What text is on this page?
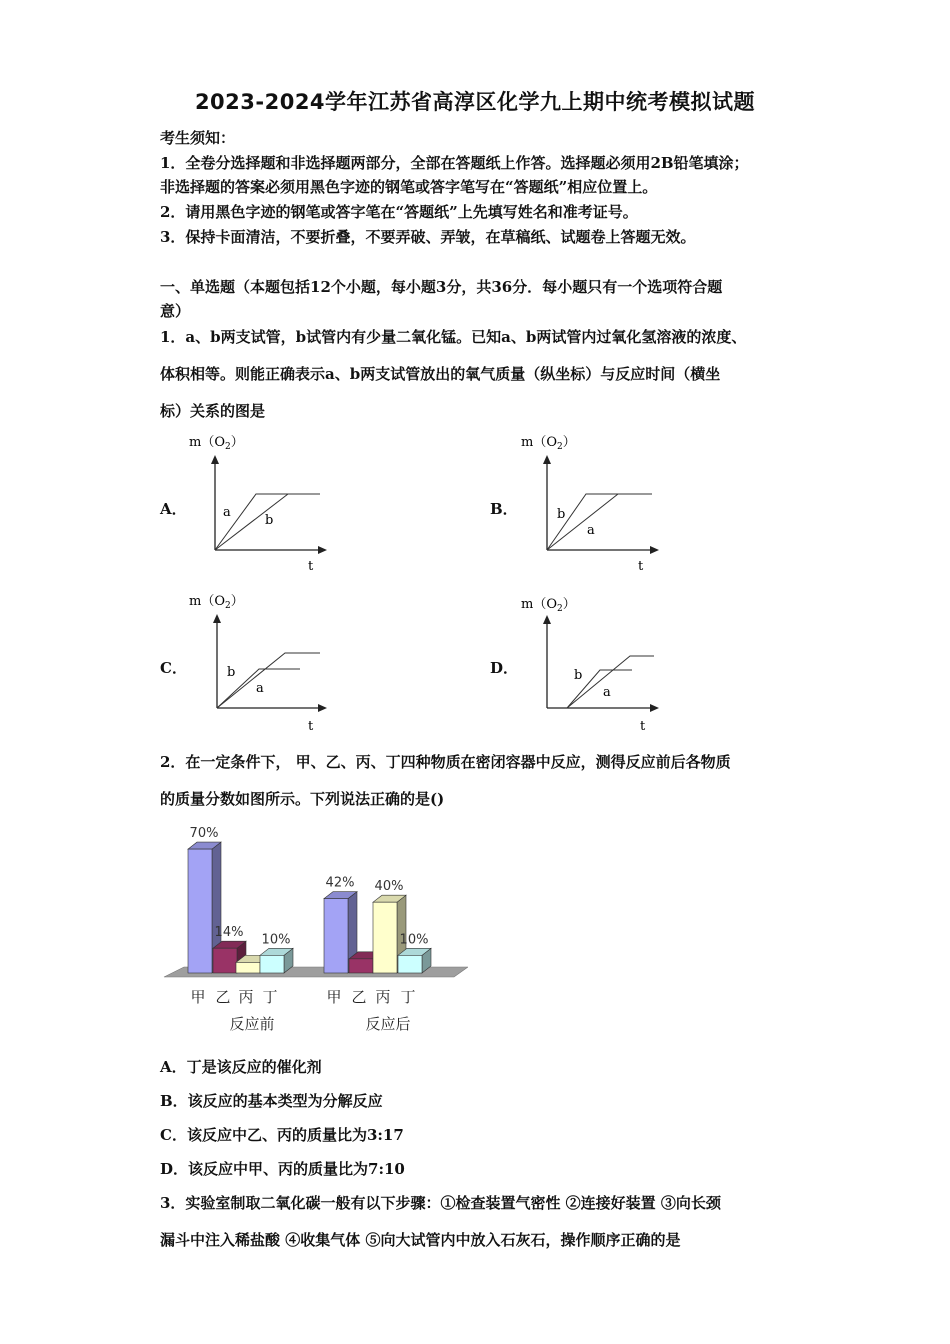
2023-2024学年江苏省高淳区化学九上期中统考模拟试题
考生须知：
1．全卷分选择题和非选择题两部分，全部在答题纸上作答。选择题必须用2B铅笔填涂；
非选择题的答案必须用黑色字迹的钢笔或答字笔写在“答题纸”相应位置上。
2．请用黑色字迹的钢笔或答字笔在“答题纸”上先填写姓名和准考证号。
3．保持卡面清洁，不要折叠，不要弄破、弄皱，在草稿纸、试题卷上答题无效。
一、单选题（本题包括12个小题，每小题3分，共36分．每小题只有一个选项符合题
意）
1．a、b两支试管，b试管内有少量二氧化锰。已知a、b两试管内过氧化氢溶液的浓度、
体积相等。则能正确表示a、b两支试管放出的氧气质量（纵坐标）与反应时间（横坐
标）关系的图是
A．
$m(O_2)$
a
b
t
B．
$m(O_2)$
b
a
t
C．
$m(O_2)$
b
a
t
D．
$m(O_2)$
b
a
t
2．在一定条件下， 甲、乙、丙、丁四种物质在密闭容器中反应，测得反应前后各物质
的质量分数如图所示。下列说法正确的是()
70%
14% 10%
甲 乙 丙 丁
反应前
42% 40%
10%
甲 乙 丙 丁
反应后
A．丁是该反应的催化剂
B．该反应的基本类型为分解反应
C．该反应中乙、丙的质量比为3:17
D．该反应中甲、丙的质量比为7:10
3．实验室制取二氧化碳一般有以下步骤：①检查装置气密性 ②连接好装置 ③向长颈
漏斗中注入稀盐酸 ④收集气体 ⑤向大试管内中放入石灰石，操作顺序正确的是
